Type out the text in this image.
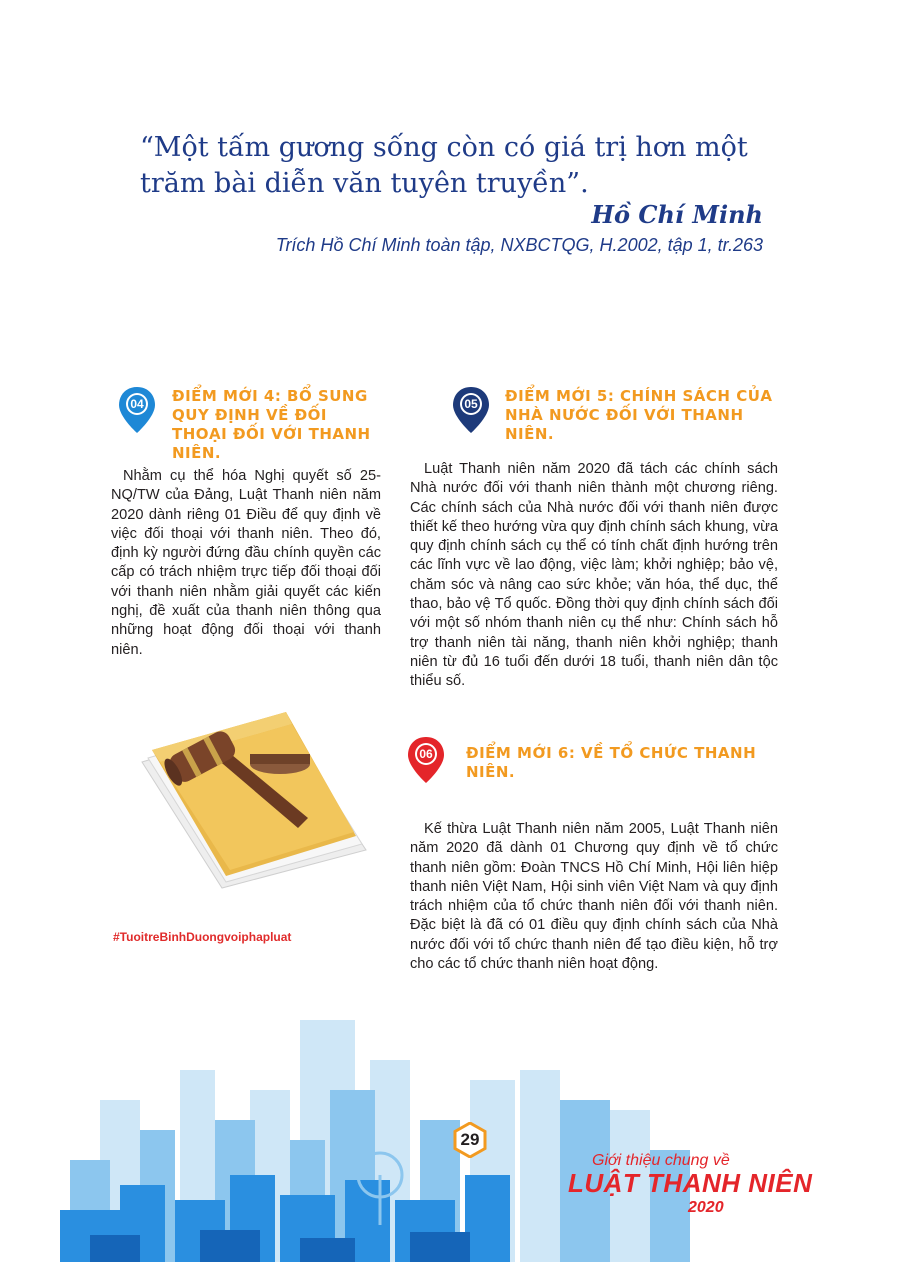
“Một tấm gương sống còn có giá trị hơn một trăm bài diễn văn tuyên truyền”.
Hồ Chí Minh
Trích Hồ Chí Minh toàn tập, NXBCTQG, H.2002, tập 1, tr.263
04	ĐIỂM MỚI 4: BỔ SUNG QUY ĐỊNH VỀ ĐỐI THOẠI ĐỐI VỚI THANH NIÊN.
Nhằm cụ thể hóa Nghị quyết số 25-NQ/TW của Đảng, Luật Thanh niên năm 2020 dành riêng 01 Điều để quy định về việc đối thoại với thanh niên. Theo đó, định kỳ người đứng đầu chính quyền các cấp có trách nhiệm trực tiếp đối thoại đối với thanh niên nhằm giải quyết các kiến nghị, đề xuất của thanh niên thông qua những hoạt động đối thoại với thanh niên.
05	ĐIỂM MỚI 5: CHÍNH SÁCH CỦA NHÀ NƯỚC ĐỐI VỚI THANH NIÊN.
Luật Thanh niên năm 2020 đã tách các chính sách Nhà nước đối với thanh niên thành một chương riêng. Các chính sách của Nhà nước đối với thanh niên được thiết kế theo hướng vừa quy định chính sách khung, vừa quy định chính sách cụ thể có tính chất định hướng trên các lĩnh vực về lao động, việc làm; khởi nghiệp; bảo vệ, chăm sóc và nâng cao sức khỏe; văn hóa, thể dục, thể thao, bảo vệ Tổ quốc. Đồng thời quy định chính sách đối với một số nhóm thanh niên cụ thể như: Chính sách hỗ trợ thanh niên tài năng, thanh niên khởi nghiệp; thanh niên từ đủ 16 tuổi đến dưới 18 tuổi, thanh niên dân tộc thiểu số.
06	ĐIỂM MỚI 6: VỀ TỔ CHỨC THANH NIÊN.
Kế thừa Luật Thanh niên năm 2005, Luật Thanh niên năm 2020 đã dành 01 Chương quy định về tổ chức thanh niên gồm: Đoàn TNCS Hồ Chí Minh, Hội liên hiệp thanh niên Việt Nam, Hội sinh viên Việt Nam và quy định trách nhiệm của tổ chức thanh niên đối với thanh niên. Đặc biệt là đã có 01 điều quy định chính sách của Nhà nước đối với tổ chức thanh niên để tạo điều kiện, hỗ trợ cho các tổ chức thanh niên hoạt động.
#TuoitreBinhDuongvoiphapluat
29
Giới thiệu chung về
LUẬT THANH NIÊN
2020
